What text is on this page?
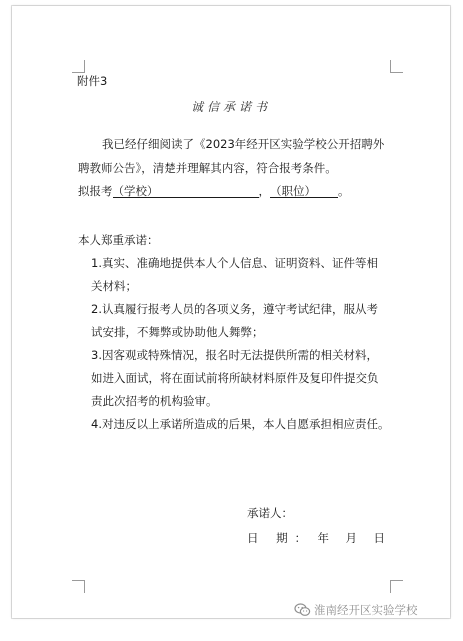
附件3
诚信承诺书
我已经仔细阅读了《2023年经开区实验学校公开招聘外
聘教师公告》，清楚并理解其内容，符合报考条件。
拟报考（学校）	，（职位） 。
本人郑重承诺：
1.真实、准确地提供本人个人信息、证明资料、证件等相
关材料；
2.认真履行报考人员的各项义务，遵守考试纪律，服从考
试安排，不舞弊或协助他人舞弊；
3.因客观或特殊情况，报名时无法提供所需的相关材料，
如进入面试，将在面试前将所缺材料原件及复印件提交负
责此次招考的机构验审。
4.对违反以上承诺所造成的后果，本人自愿承担相应责任。
承诺人：
日 期： 年 月 日
淮南经开区实验学校
